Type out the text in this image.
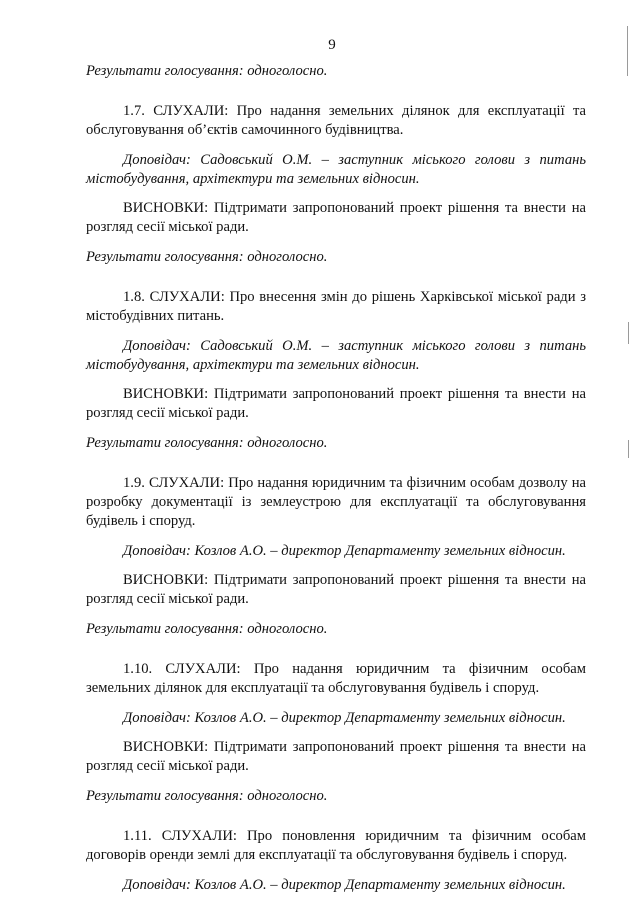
9

Результати голосування: одноголосно.

1.7. СЛУХАЛИ: Про надання земельних ділянок для експлуатації та обслуговування об’єктів самочинного будівництва.

Доповідач: Садовський О.М. – заступник міського голови з питань містобудування, архітектури та земельних відносин.

ВИСНОВКИ: Підтримати запропонований проект рішення та внести на розгляд сесії міської ради.

Результати голосування: одноголосно.

1.8. СЛУХАЛИ: Про внесення змін до рішень Харківської міської ради з містобудівних питань.

Доповідач: Садовський О.М. – заступник міського голови з питань містобудування, архітектури та земельних відносин.

ВИСНОВКИ: Підтримати запропонований проект рішення та внести на розгляд сесії міської ради.

Результати голосування: одноголосно.

1.9. СЛУХАЛИ: Про надання юридичним та фізичним особам дозволу на розробку документації із землеустрою для експлуатації та обслуговування будівель і споруд.

Доповідач: Козлов А.О. – директор Департаменту земельних відносин.

ВИСНОВКИ: Підтримати запропонований проект рішення та внести на розгляд сесії міської ради.

Результати голосування: одноголосно.

1.10. СЛУХАЛИ: Про надання юридичним та фізичним особам земельних ділянок для експлуатації та обслуговування будівель і споруд.

Доповідач: Козлов А.О. – директор Департаменту земельних відносин.

ВИСНОВКИ: Підтримати запропонований проект рішення та внести на розгляд сесії міської ради.

Результати голосування: одноголосно.

1.11. СЛУХАЛИ: Про поновлення юридичним та фізичним особам договорів оренди землі для експлуатації та обслуговування будівель і споруд.

Доповідач: Козлов А.О. – директор Департаменту земельних відносин.
